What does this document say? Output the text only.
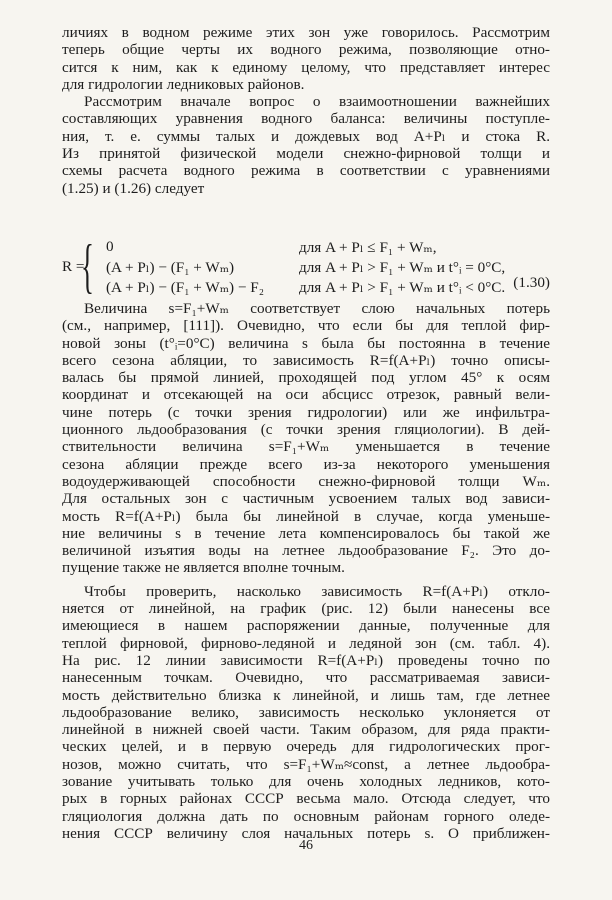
личиях в водном режиме этих зон уже говорилось. Рассмотрим
теперь общие черты их водного режима, позволяющие отно-
сится к ним, как к единому целому, что представляет интерес
для гидрологии ледниковых районов.
Рассмотрим вначале вопрос о взаимоотношении важнейших
составляющих уравнения водного баланса: величины поступле-
ния, т. е. суммы талых и дождевых вод A+Pₗ и стока R.
Из принятой физической модели снежно-фирновой толщи и
схемы расчета водного режима в соответствии с уравнениями
(1.25) и (1.26) следует
R =
{ 0	для A + Pₗ ≤ F₁ + Wₘ,
(A + Pₗ) − (F₁ + Wₘ)	для A + Pₗ > F₁ + Wₘ и t°ᵢ = 0°C,
(A + Pₗ) − (F₁ + Wₘ) − F₂ для A + Pₗ > F₁ + Wₘ и t°ᵢ < 0°C. (1.30)
Величина s=F₁+Wₘ соответствует слою начальных потерь
(см., например, [111]). Очевидно, что если бы для теплой фир-
новой зоны (t°ᵢ=0°C) величина s была бы постоянна в течение
всего сезона абляции, то зависимость R=f(A+Pₗ) точно описы-
валась бы прямой линией, проходящей под углом 45° к осям
координат и отсекающей на оси абсцисс отрезок, равный вели-
чине потерь (с точки зрения гидрологии) или же инфильтра-
ционного льдообразования (с точки зрения гляциологии). В дей-
ствительности величина s=F₁+Wₘ уменьшается в течение
сезона абляции прежде всего из-за некоторого уменьшения
водоудерживающей способности снежно-фирновой толщи Wₘ.
Для остальных зон с частичным усвоением талых вод зависи-
мость R=f(A+Pₗ) была бы линейной в случае, когда уменьше-
ние величины s в течение лета компенсировалось бы такой же
величиной изъятия воды на летнее льдообразование F₂. Это до-
пущение также не является вполне точным.
Чтобы проверить, насколько зависимость R=f(A+Pₗ) откло-
няется от линейной, на график (рис. 12) были нанесены все
имеющиеся в нашем распоряжении данные, полученные для
теплой фирновой, фирново-ледяной и ледяной зон (см. табл. 4).
На рис. 12 линии зависимости R=f(A+Pₗ) проведены точно по
нанесенным точкам. Очевидно, что рассматриваемая зависи-
мость действительно близка к линейной, и лишь там, где летнее
льдообразование велико, зависимость несколько уклоняется от
линейной в нижней своей части. Таким образом, для ряда практи-
ческих целей, и в первую очередь для гидрологических прог-
нозов, можно считать, что s=F₁+Wₘ≈const, а летнее льдообра-
зование учитывать только для очень холодных ледников, кото-
рых в горных районах СССР весьма мало. Отсюда следует, что
гляциология должна дать по основным районам горного оледе-
нения СССР величину слоя начальных потерь s. О приближен-
46
